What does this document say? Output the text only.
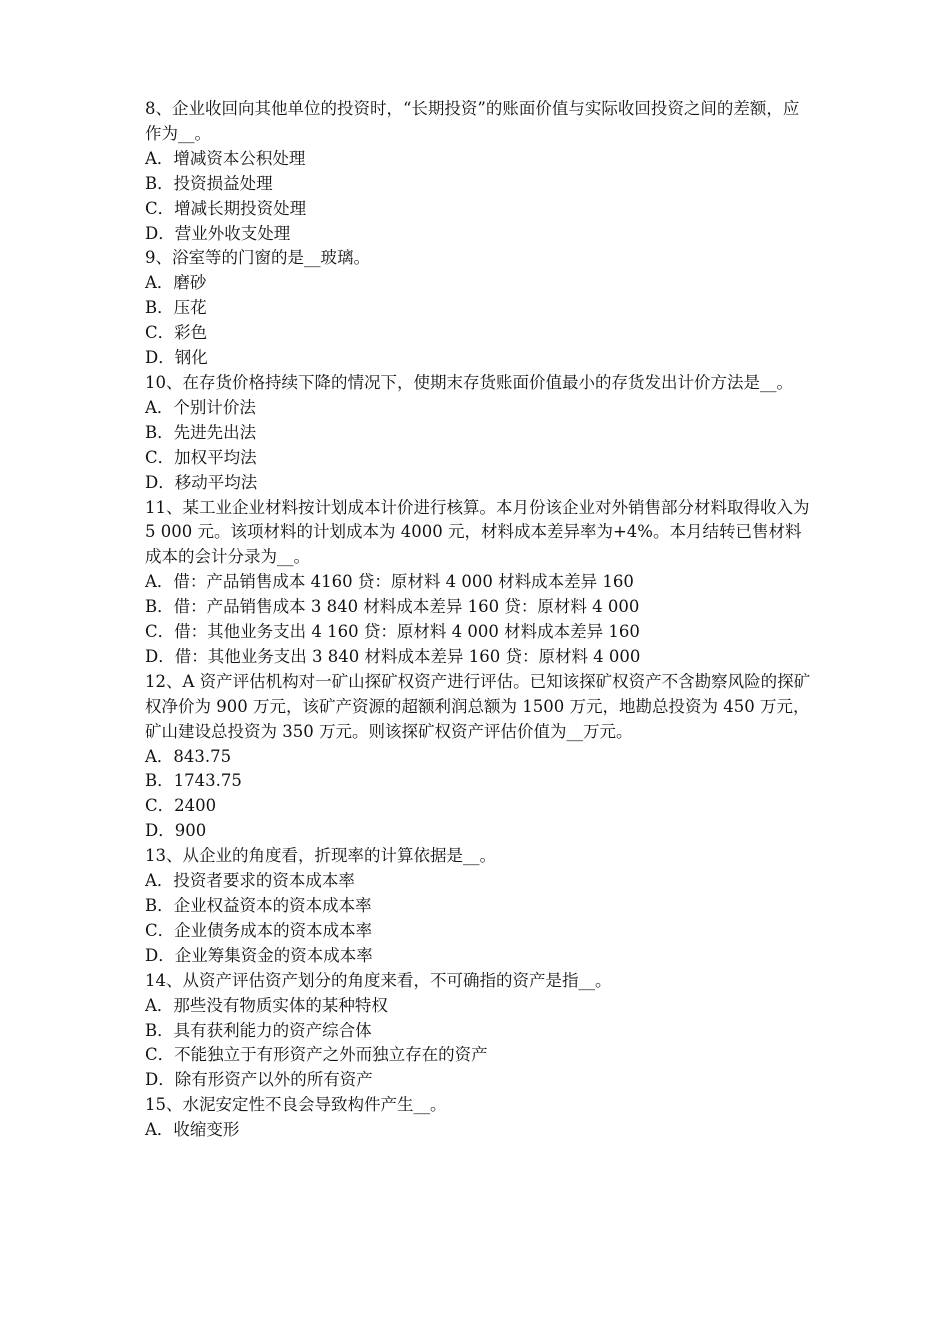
8、企业收回向其他单位的投资时，“长期投资”的账面价值与实际收回投资之间的差额，应作为__。

A．增减资本公积处理

B．投资损益处理

C．增减长期投资处理

D．营业外收支处理

9、浴室等的门窗的是__玻璃。

A．磨砂

B．压花

C．彩色

D．钢化

10、在存货价格持续下降的情况下，使期末存货账面价值最小的存货发出计价方法是__。

A．个别计价法

B．先进先出法

C．加权平均法

D．移动平均法

11、某工业企业材料按计划成本计价进行核算。本月份该企业对外销售部分材料取得收入为 5 000 元。该项材料的计划成本为 4000 元，材料成本差异率为+4%。本月结转已售材料成本的会计分录为__。

A．借：产品销售成本 4160 贷：原材料 4 000 材料成本差异 160

B．借：产品销售成本 3 840 材料成本差异 160 贷：原材料 4 000

C．借：其他业务支出 4 160 贷：原材料 4 000 材料成本差异 160

D．借：其他业务支出 3 840 材料成本差异 160 贷：原材料 4 000

12、A 资产评估机构对一矿山探矿权资产进行评估。已知该探矿权资产不含勘察风险的探矿权净价为 900 万元，该矿产资源的超额利润总额为 1500 万元，地勘总投资为 450 万元，矿山建设总投资为 350 万元。则该探矿权资产评估价值为__万元。

A．843.75

B．1743.75

C．2400

D．900

13、从企业的角度看，折现率的计算依据是__。

A．投资者要求的资本成本率

B．企业权益资本的资本成本率

C．企业债务成本的资本成本率

D．企业筹集资金的资本成本率

14、从资产评估资产划分的角度来看，不可确指的资产是指__。

A．那些没有物质实体的某种特权

B．具有获利能力的资产综合体

C．不能独立于有形资产之外而独立存在的资产

D．除有形资产以外的所有资产

15、水泥安定性不良会导致构件产生__。

A．收缩变形
